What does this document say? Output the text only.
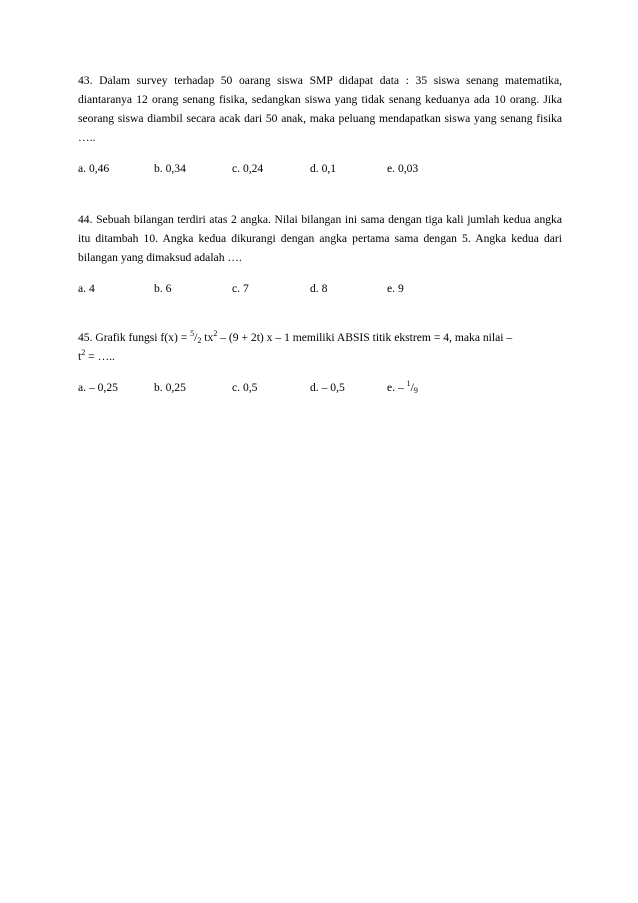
43. Dalam survey terhadap 50 oarang siswa SMP didapat data : 35 siswa senang matematika, diantaranya 12 orang senang fisika, sedangkan siswa yang tidak senang keduanya ada 10 orang. Jika seorang siswa diambil secara acak dari 50 anak, maka peluang mendapatkan siswa yang senang fisika …..

a. 0,46	b. 0,34	c. 0,24	d. 0,1	e. 0,03

44. Sebuah bilangan terdiri atas 2 angka. Nilai bilangan ini sama dengan tiga kali jumlah kedua angka itu ditambah 10. Angka kedua dikurangi dengan angka pertama sama dengan 5. Angka kedua dari bilangan yang dimaksud adalah ….

a. 4	b. 6	c. 7	d. 8	e. 9

45. Grafik fungsi $f(x) = ^5/_2$ $tx^2 - (9 + 2t)$ x – 1 memiliki ABSIS titik ekstrem = 4, maka nilai –
$t^2$ = …..

a. – 0,25	b. 0,25	c. 0,5	d. – 0,5	e. – $^1/_9$
